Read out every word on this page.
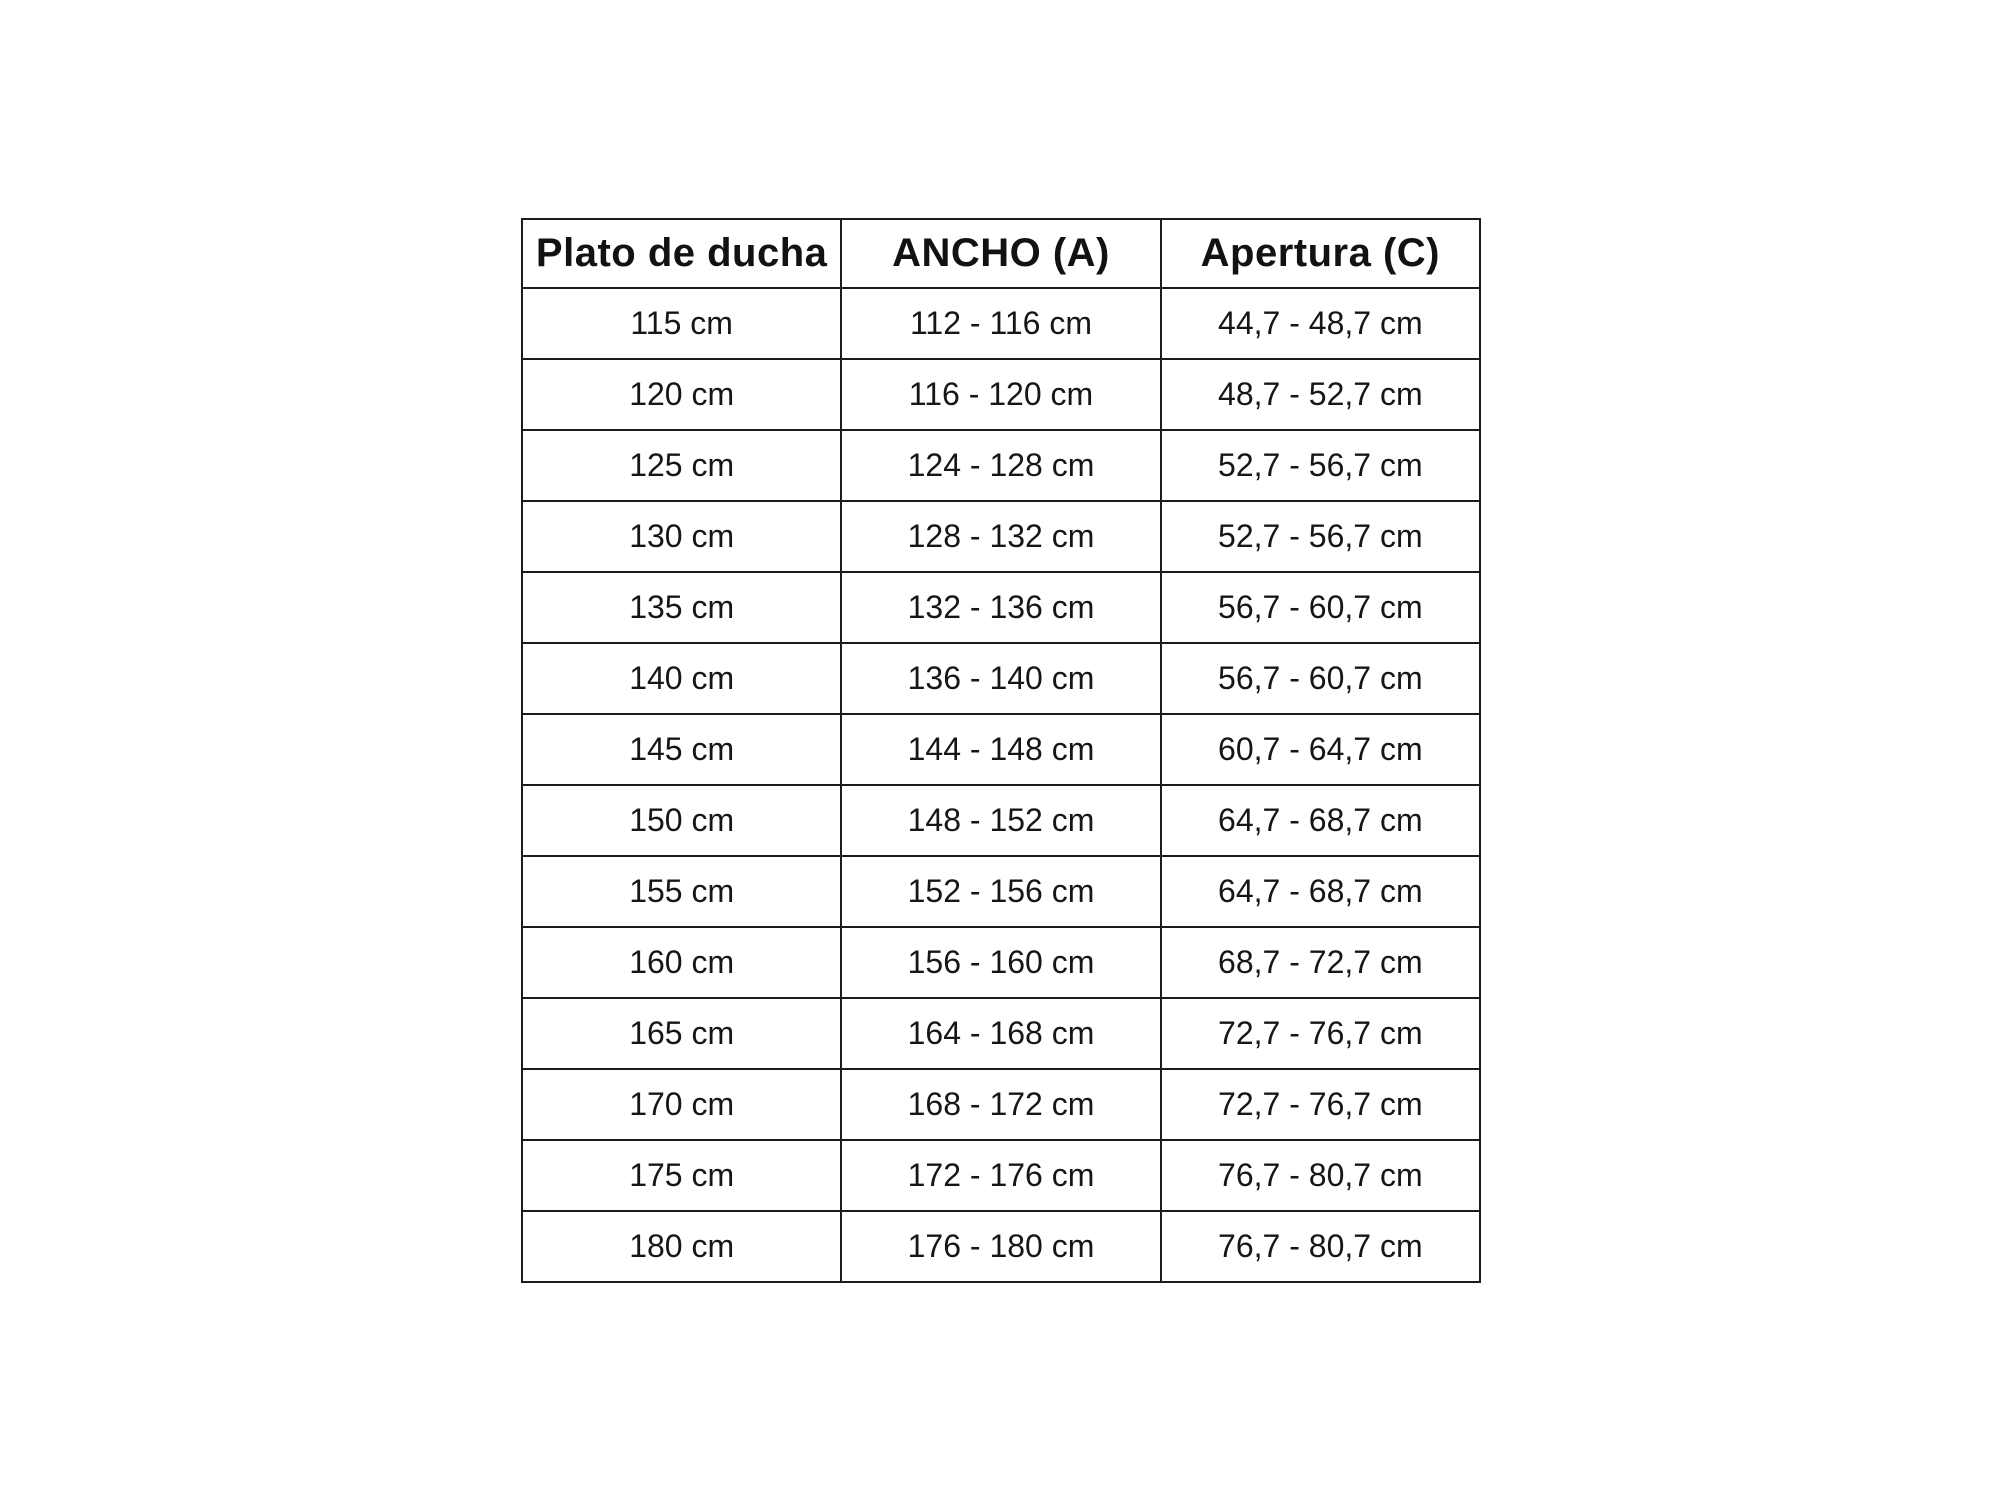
Plato de ducha	ANCHO (A)	Apertura (C)
115 cm	112 - 116 cm	44,7 - 48,7 cm
120 cm	116 - 120 cm	48,7 - 52,7 cm
125 cm	124 - 128 cm	52,7 - 56,7 cm
130 cm	128 - 132 cm	52,7 - 56,7 cm
135 cm	132 - 136 cm	56,7 - 60,7 cm
140 cm	136 - 140 cm	56,7 - 60,7 cm
145 cm	144 - 148 cm	60,7 - 64,7 cm
150 cm	148 - 152 cm	64,7 - 68,7 cm
155 cm	152 - 156 cm	64,7 - 68,7 cm
160 cm	156 - 160 cm	68,7 - 72,7 cm
165 cm	164 - 168 cm	72,7 - 76,7 cm
170 cm	168 - 172 cm	72,7 - 76,7 cm
175 cm	172 - 176 cm	76,7 - 80,7 cm
180 cm	176 - 180 cm	76,7 - 80,7 cm
